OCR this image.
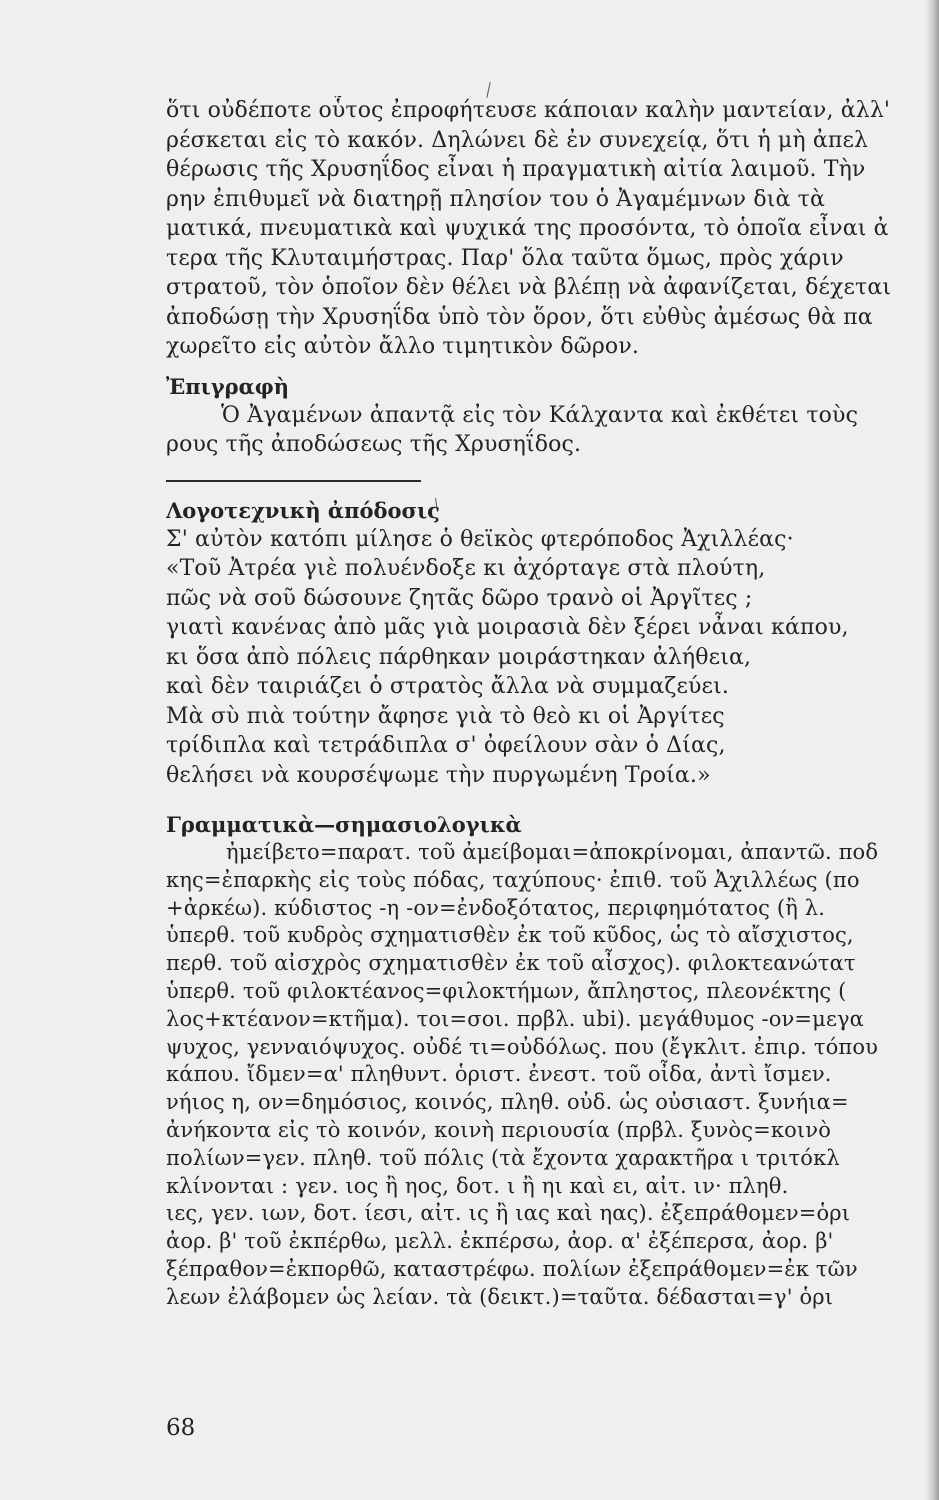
ὅτι οὐδέποτε οὗτος ἐπροφήτευσε κάποιαν καλὴν μαντείαν, ἀλλ'
ρέσκεται εἰς τὸ κακόν. Δηλώνει δὲ ἐν συνεχείᾳ, ὅτι ἡ μὴ ἀπελ
θέρωσις τῆς Χρυσηΐδος εἶναι ἡ πραγματικὴ αἰτία λαιμοῦ. Τὴν
ρην ἐπιθυμεῖ νὰ διατηρῇ πλησίον του ὁ Ἀγαμέμνων διὰ τὰ
ματικά, πνευματικὰ καὶ ψυχικά της προσόντα, τὸ ὁποῖα εἶναι ἀ
τερα τῆς Κλυταιμήστρας. Παρ' ὅλα ταῦτα ὅμως, πρὸς χάριν
στρατοῦ, τὸν ὁποῖον δὲν θέλει νὰ βλέπῃ νὰ ἀφανίζεται, δέχεται
ἀποδώσῃ τὴν Χρυσηΐδα ὑπὸ τὸν ὅρον, ὅτι εὐθὺς ἀμέσως θὰ πα
χωρεῖτο εἰς αὐτὸν ἄλλο τιμητικὸν δῶρον.
Ἐπιγραφὴ
Ὁ Ἀγαμένων ἀπαντᾷ εἰς τὸν Κάλχαντα καὶ ἐκθέτει τοὺς
ρους τῆς ἀποδώσεως τῆς Χρυσηΐδος.
Λογοτεχνικὴ ἀπόδοσις
Σ' αὐτὸν κατόπι μίλησε ὁ θεϊκὸς φτερόποδος Ἀχιλλέας·
«Τοῦ Ἀτρέα γιὲ πολυένδοξε κι ἀχόρταγε στὰ πλούτη,
πῶς νὰ σοῦ δώσουνε ζητᾶς δῶρο τρανὸ οἱ Ἀργῖτες ;
γιατὶ κανένας ἀπὸ μᾶς γιὰ μοιρασιὰ δὲν ξέρει νἆναι κάπου,
κι ὅσα ἀπὸ πόλεις πάρθηκαν μοιράστηκαν ἀλήθεια,
καὶ δὲν ταιριάζει ὁ στρατὸς ἄλλα νὰ συμμαζεύει.
Μὰ σὺ πιὰ τούτην ἄφησε γιὰ τὸ θεὸ κι οἱ Ἀργίτες
τρίδιπλα καὶ τετράδιπλα σ' ὀφείλουν σὰν ὁ Δίας,
θελήσει νὰ κουρσέψωμε τὴν πυργωμένη Τροία.»
Γραμματικὰ—σημασιολογικὰ
ἠμείβετο=παρατ. τοῦ ἀμείβομαι=ἀποκρίνομαι, ἀπαντῶ. ποδ
κης=ἐπαρκὴς εἰς τοὺς πόδας, ταχύπους· ἐπιθ. τοῦ Ἀχιλλέως (πο
+ἀρκέω). κύδιστος -η -ον=ἐνδοξότατος, περιφημότατος (ἢ λ.
ὑπερθ. τοῦ κυδρὸς σχηματισθὲν ἐκ τοῦ κῦδος, ὡς τὸ αἴσχιστος,
περθ. τοῦ αἰσχρὸς σχηματισθὲν ἐκ τοῦ αἶσχος). φιλοκτεανώτατ
ὑπερθ. τοῦ φιλοκτέανος=φιλοκτήμων, ἄπληστος, πλεονέκτης (
λος+κτέανον=κτῆμα). τοι=σοι. πρβλ. ubi). μεγάθυμος -ον=μεγα
ψυχος, γενναιόψυχος. οὐδέ τι=οὐδόλως. που (ἔγκλιτ. ἐπιρ. τόπου
κάπου. ἴδμεν=α' πληθυντ. ὁριστ. ἐνεστ. τοῦ οἶδα, ἀντὶ ἴσμεν.
νήιος η, ον=δημόσιος, κοινός, πληθ. οὐδ. ὡς οὐσιαστ. ξυνήια=
ἀνήκοντα εἰς τὸ κοινόν, κοινὴ περιουσία (πρβλ. ξυνὸς=κοινὸ
πολίων=γεν. πληθ. τοῦ πόλις (τὰ ἔχοντα χαρακτῆρα ι τριτόκλ
κλίνονται : γεν. ιος ἢ ηος, δοτ. ι ἢ ηι καὶ ει, αἰτ. ιν· πληθ.
ιες, γεν. ιων, δοτ. ίεσι, αἰτ. ις ἢ ιας καὶ ηας). ἐξεπράθομεν=ὁρι
ἀορ. β' τοῦ ἐκπέρθω, μελλ. ἐκπέρσω, ἀορ. α' ἐξέπερσα, ἀορ. β'
ξέπραθον=ἐκπορθῶ, καταστρέφω. πολίων ἐξεπράθομεν=ἐκ τῶν
λεων ἐλάβομεν ὡς λείαν. τὰ (δεικτ.)=ταῦτα. δέδασται=γ' ὁρι
68
